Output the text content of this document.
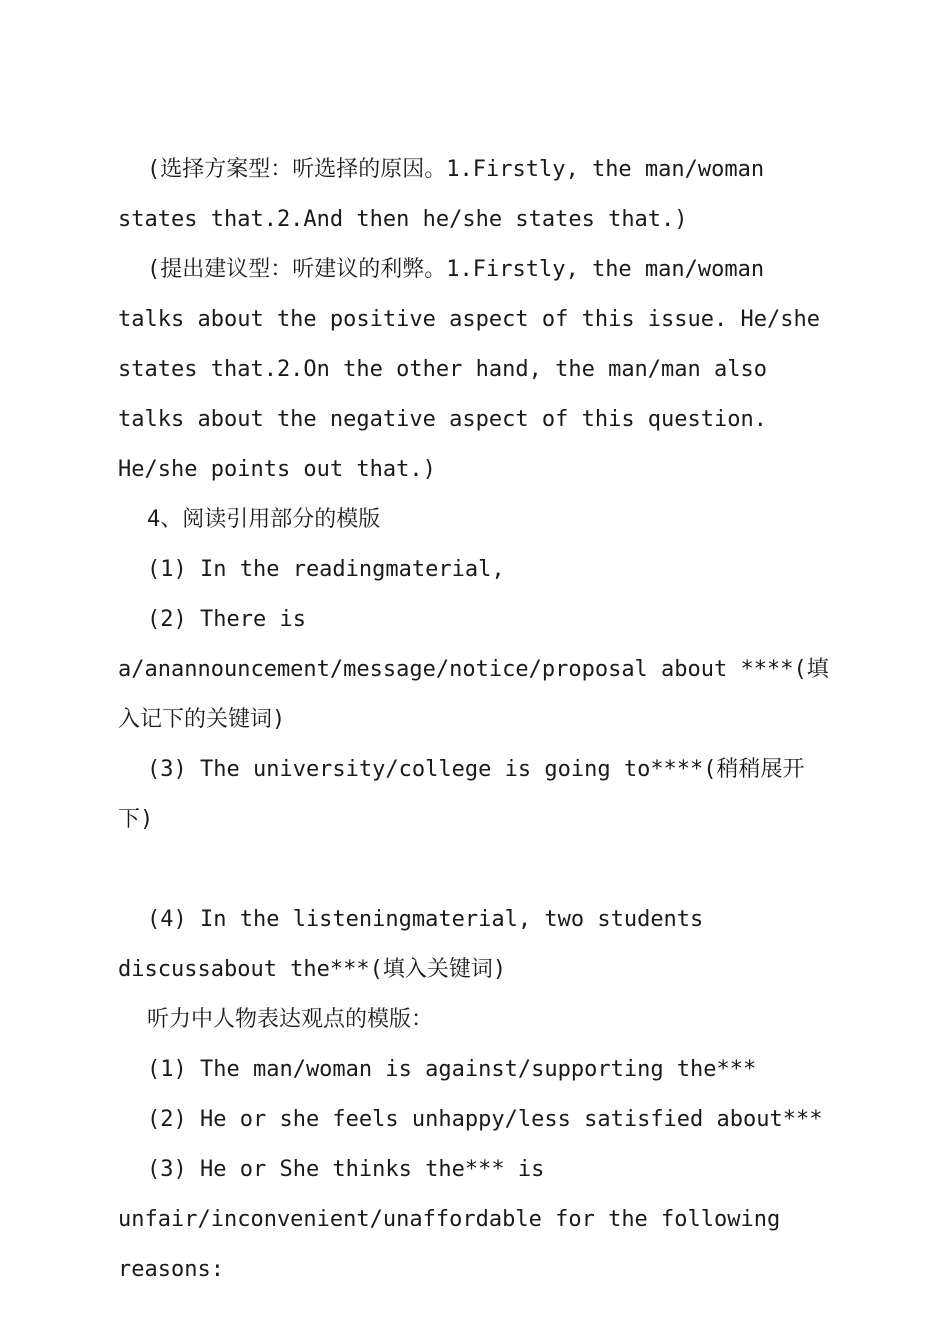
(选择方案型：听选择的原因。1.Firstly, the man/woman states that.2.And then he/she states that.)

(提出建议型：听建议的利弊。1.Firstly, the man/woman talks about the positive aspect of this issue. He/she states that.2.On the other hand, the man/man also talks about the negative aspect of this question. He/she points out that.)

4、阅读引用部分的模版

(1) In the readingmaterial,

(2) There is a/anannouncement/message/notice/proposal about ****(填入记下的关键词)

(3) The university/college is going to****(稍稍展开下)

(4) In the listeningmaterial, two students discussabout the***(填入关键词)

听力中人物表达观点的模版：

(1) The man/woman is against/supporting the***

(2) He or she feels unhappy/less satisfied about***

(3) He or She thinks the*** is unfair/inconvenient/unaffordable for the following reasons:
